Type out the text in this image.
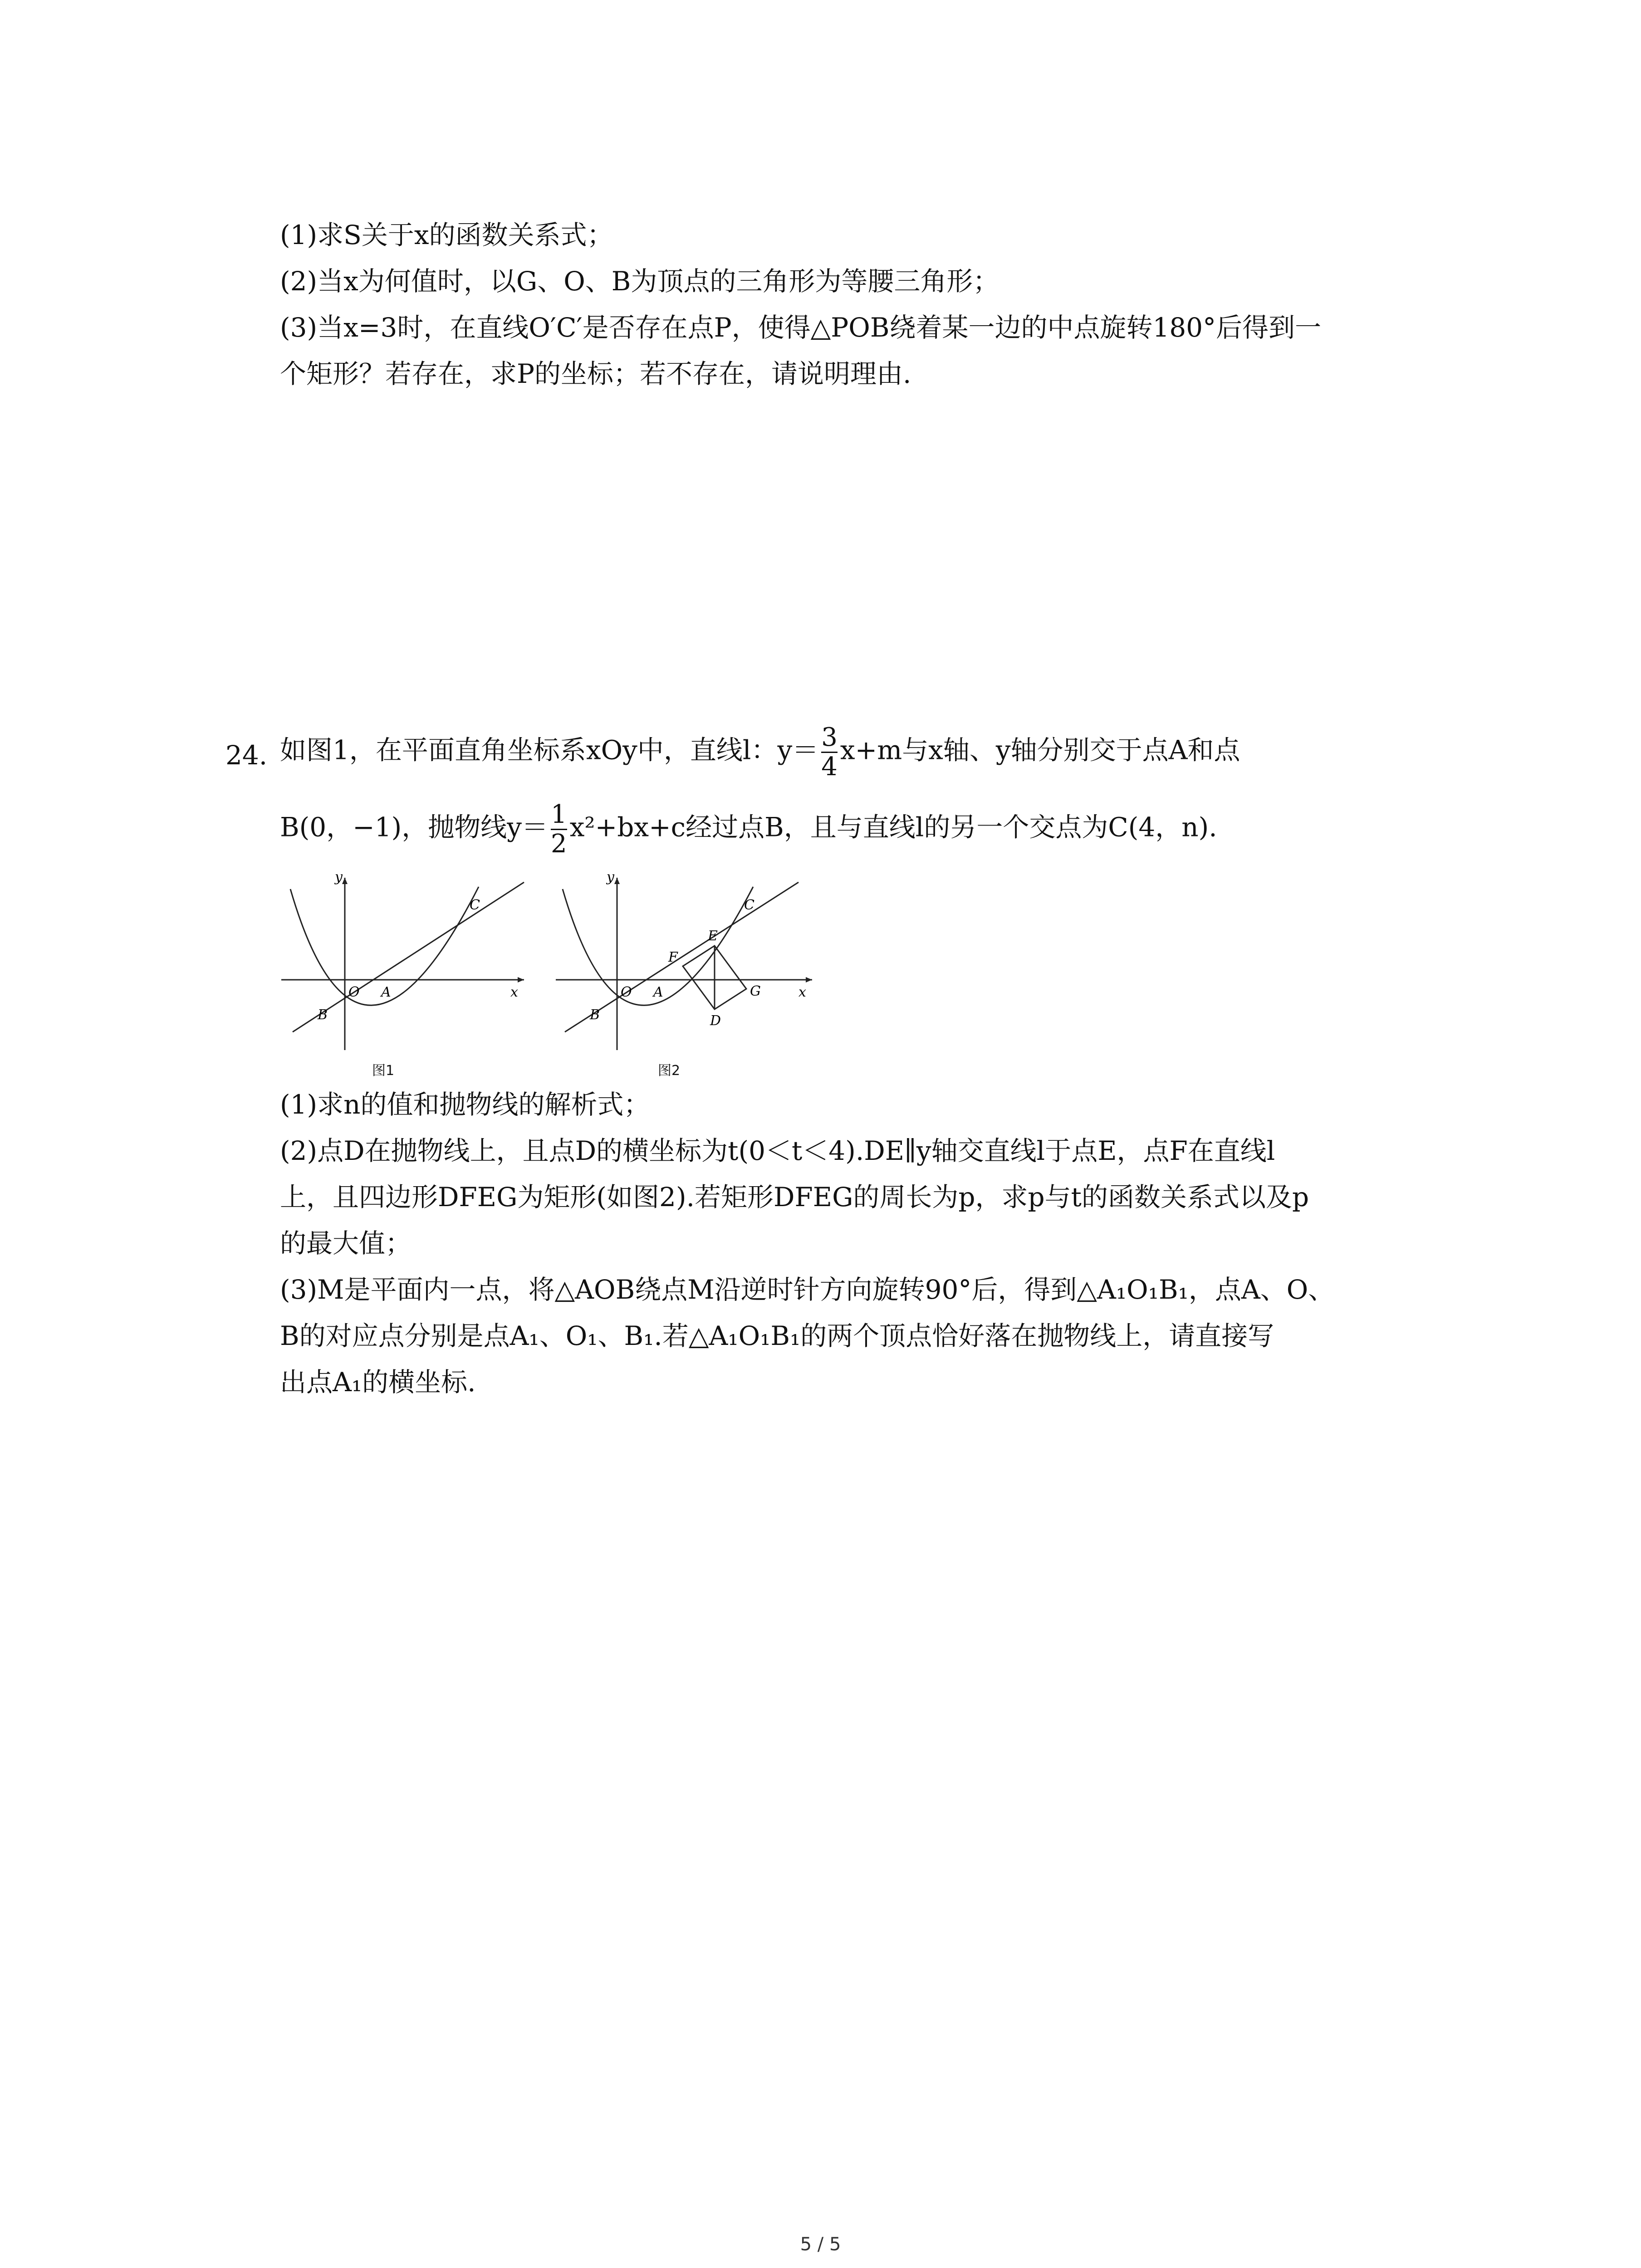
(1)求S关于x的函数关系式；
(2)当x为何值时，以G、O、B为顶点的三角形为等腰三角形；
(3)当x=3时，在直线O′C′是否存在点P，使得△POB绕着某一边的中点旋转180°后得到一
个矩形？若存在，求P的坐标；若不存在，请说明理由.
24. 如图1，在平面直角坐标系xOy中，直线l：$y= \frac{3}{4} x+m$与x轴、y轴分别交于点A和点
B(0，−1)，抛物线$y= \frac{1}{2} x^2+bx+c$经过点B，且与直线l的另一个交点为C(4，n).
y
x
O A
B
C
图1
y
x
O A
B
C
E
F
G
D
图2
(1)求n的值和抛物线的解析式；
(2)点D在抛物线上，且点D的横坐标为t(0＜t＜4).DE∥y轴交直线l于点E，点F在直线l
上，且四边形DFEG为矩形(如图2).若矩形DFEG的周长为p，求p与t的函数关系式以及p
的最大值；
(3)M是平面内一点，将△AOB绕点M沿逆时针方向旋转90°后，得到△A₁O₁B₁，点A、O、
B的对应点分别是点A₁、O₁、B₁.若△A₁O₁B₁的两个顶点恰好落在抛物线上，请直接写
出点A₁的横坐标.
5 / 5
